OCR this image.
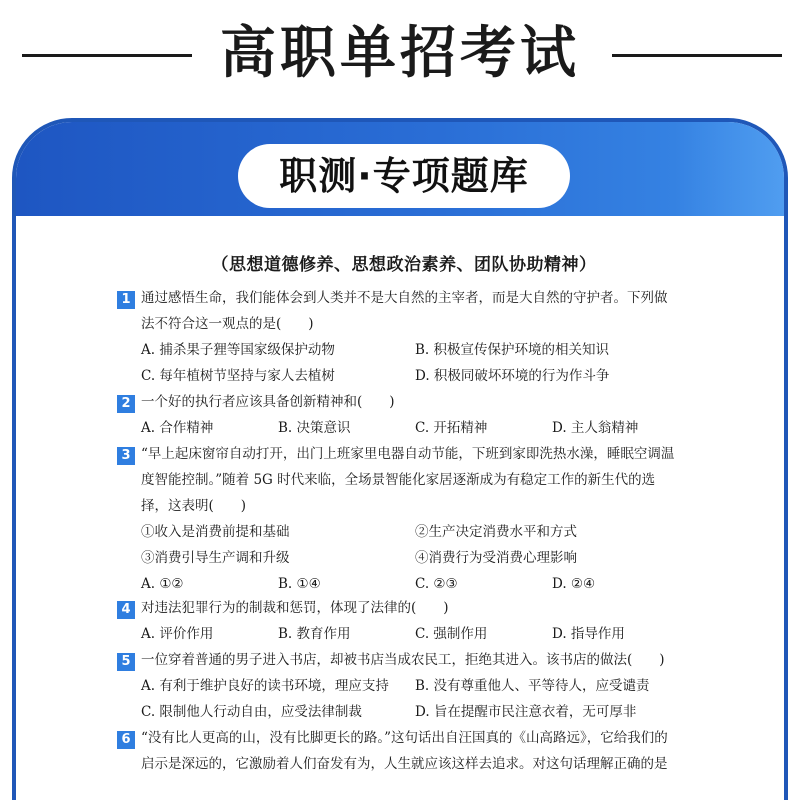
高职单招考试
职测·专项题库
（思想道德修养、思想政治素养、团队协助精神）
1 通过感悟生命，我们能体会到人类并不是大自然的主宰者，而是大自然的守护者。下列做
法不符合这一观点的是(　　)
A. 捕杀果子狸等国家级保护动物	B. 积极宣传保护环境的相关知识
C. 每年植树节坚持与家人去植树	D. 积极同破坏环境的行为作斗争
2 一个好的执行者应该具备创新精神和(　　)
A. 合作精神	B. 决策意识	C. 开拓精神	D. 主人翁精神
3 “早上起床窗帘自动打开，出门上班家里电器自动节能，下班到家即洗热水澡，睡眠空调温
度智能控制。”随着 5G 时代来临，全场景智能化家居逐渐成为有稳定工作的新生代的选
择，这表明(　　)
①收入是消费前提和基础	②生产决定消费水平和方式
③消费引导生产调和升级	④消费行为受消费心理影响
A. ①②	B. ①④	C. ②③	D. ②④
4 对违法犯罪行为的制裁和惩罚，体现了法律的(　　)
A. 评价作用	B. 教育作用	C. 强制作用	D. 指导作用
5 一位穿着普通的男子进入书店，却被书店当成农民工，拒绝其进入。该书店的做法(　　)
A. 有利于维护良好的读书环境，理应支持 B. 没有尊重他人、平等待人，应受谴责
C. 限制他人行动自由，应受法律制裁	D. 旨在提醒市民注意衣着，无可厚非
6 “没有比人更高的山，没有比脚更长的路。”这句话出自汪国真的《山高路远》，它给我们的
启示是深远的，它激励着人们奋发有为，人生就应该这样去追求。对这句话理解正确的是
